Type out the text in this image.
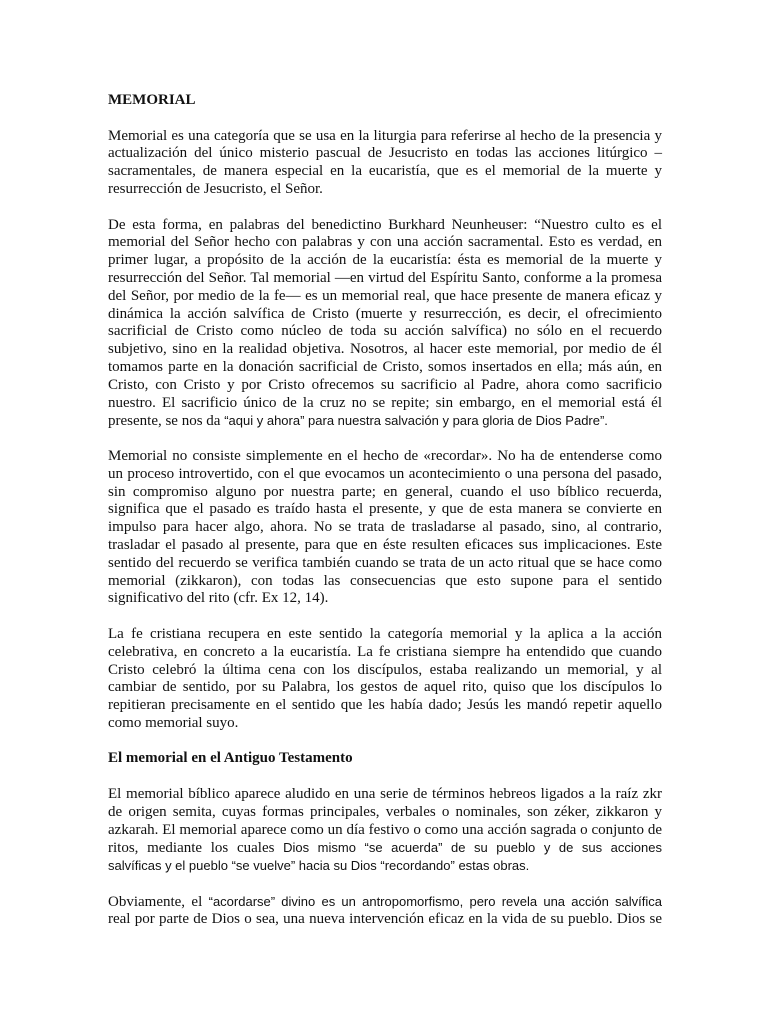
MEMORIAL
Memorial es una categoría que se usa en la liturgia para referirse al hecho de la presencia y
actualización del único misterio pascual de Jesucristo en todas las acciones litúrgico –
sacramentales, de manera especial en la eucaristía, que es el memorial de la muerte y
resurrección de Jesucristo, el Señor.
De esta forma, en palabras del benedictino Burkhard Neunheuser: “Nuestro culto es el
memorial del Señor hecho con palabras y con una acción sacramental. Esto es verdad, en
primer lugar, a propósito de la acción de la eucaristía: ésta es memorial de la muerte y
resurrección del Señor. Tal memorial —en virtud del Espíritu Santo, conforme a la promesa
del Señor, por medio de la fe— es un memorial real, que hace presente de manera eficaz y
dinámica la acción salvífica de Cristo (muerte y resurrección, es decir, el ofrecimiento
sacrificial de Cristo como núcleo de toda su acción salvífica) no sólo en el recuerdo
subjetivo, sino en la realidad objetiva. Nosotros, al hacer este memorial, por medio de él
tomamos parte en la donación sacrificial de Cristo, somos insertados en ella; más aún, en
Cristo, con Cristo y por Cristo ofrecemos su sacrificio al Padre, ahora como sacrificio
nuestro. El sacrificio único de la cruz no se repite; sin embargo, en el memorial está él
presente, se nos da “aqui y ahora” para nuestra salvación y para gloria de Dios Padre”.
Memorial no consiste simplemente en el hecho de «recordar». No ha de entenderse como
un proceso introvertido, con el que evocamos un acontecimiento o una persona del pasado,
sin compromiso alguno por nuestra parte; en general, cuando el uso bíblico recuerda,
significa que el pasado es traído hasta el presente, y que de esta manera se convierte en
impulso para hacer algo, ahora. No se trata de trasladarse al pasado, sino, al contrario,
trasladar el pasado al presente, para que en éste resulten eficaces sus implicaciones. Este
sentido del recuerdo se verifica también cuando se trata de un acto ritual que se hace como
memorial (zikkaron), con todas las consecuencias que esto supone para el sentido
significativo del rito (cfr. Ex 12, 14).
La fe cristiana recupera en este sentido la categoría memorial y la aplica a la acción
celebrativa, en concreto a la eucaristía. La fe cristiana siempre ha entendido que cuando
Cristo celebró la última cena con los discípulos, estaba realizando un memorial, y al
cambiar de sentido, por su Palabra, los gestos de aquel rito, quiso que los discípulos lo
repitieran precisamente en el sentido que les había dado; Jesús les mandó repetir aquello
como memorial suyo.
El memorial en el Antiguo Testamento
El memorial bíblico aparece aludido en una serie de términos hebreos ligados a la raíz zkr
de origen semita, cuyas formas principales, verbales o nominales, son zéker, zikkaron y
azkarah. El memorial aparece como un día festivo o como una acción sagrada o conjunto de
ritos, mediante los cuales Dios mismo “se acuerda” de su pueblo y de sus acciones
salvíficas y el pueblo “se vuelve” hacia su Dios “recordando” estas obras.
Obviamente, el “acordarse” divino es un antropomorfismo, pero revela una acción salvífica
real por parte de Dios o sea, una nueva intervención eficaz en la vida de su pueblo. Dios se
